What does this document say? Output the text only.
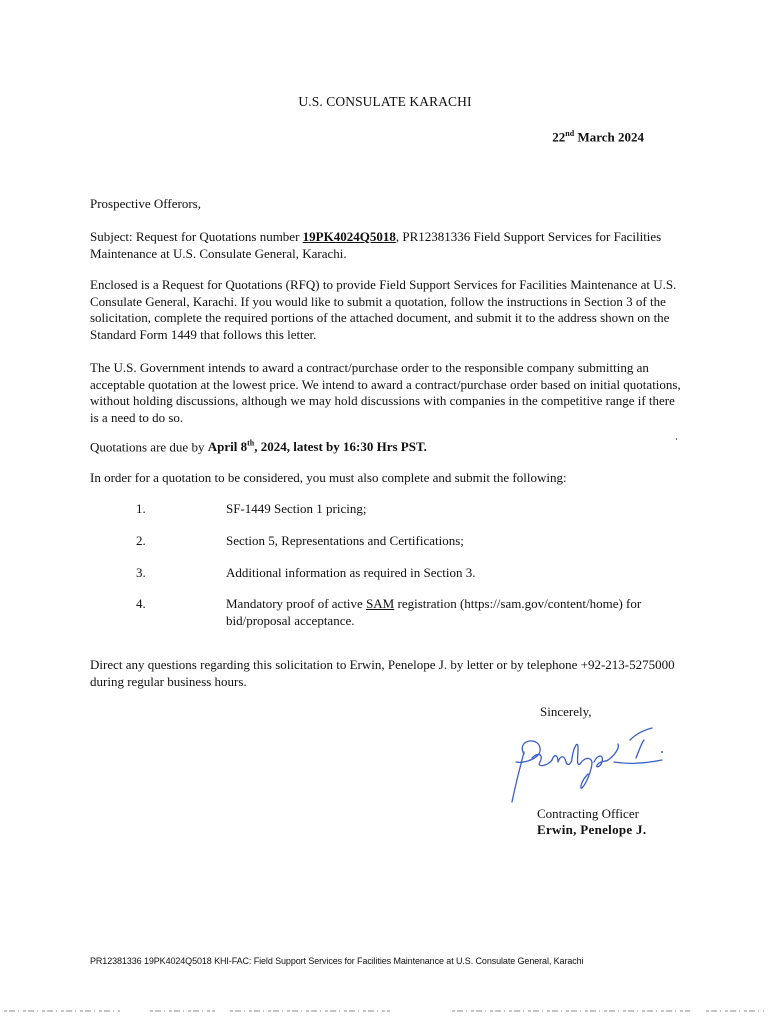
U.S. CONSULATE KARACHI
22nd March 2024
Prospective Offerors,
Subject: Request for Quotations number 19PK4024Q5018, PR12381336 Field Support Services for Facilities Maintenance at U.S. Consulate General, Karachi.
Enclosed is a Request for Quotations (RFQ) to provide Field Support Services for Facilities Maintenance at U.S. Consulate General, Karachi. If you would like to submit a quotation, follow the instructions in Section 3 of the solicitation, complete the required portions of the attached document, and submit it to the address shown on the Standard Form 1449 that follows this letter.
The U.S. Government intends to award a contract/purchase order to the responsible company submitting an acceptable quotation at the lowest price. We intend to award a contract/purchase order based on initial quotations, without holding discussions, although we may hold discussions with companies in the competitive range if there is a need to do so.
Quotations are due by April 8th, 2024, latest by 16:30 Hrs PST.
In order for a quotation to be considered, you must also complete and submit the following:
1.	SF-1449 Section 1 pricing;
2.	Section 5, Representations and Certifications;
3.	Additional information as required in Section 3.
4.	Mandatory proof of active SAM registration (https://sam.gov/content/home) for bid/proposal acceptance.
Direct any questions regarding this solicitation to Erwin, Penelope J. by letter or by telephone +92-213-5275000 during regular business hours.
Sincerely,
Contracting Officer
Erwin, Penelope J.
PR12381336 19PK4024Q5018 KHI-FAC: Field Support Services for Facilities Maintenance at U.S. Consulate General, Karachi
